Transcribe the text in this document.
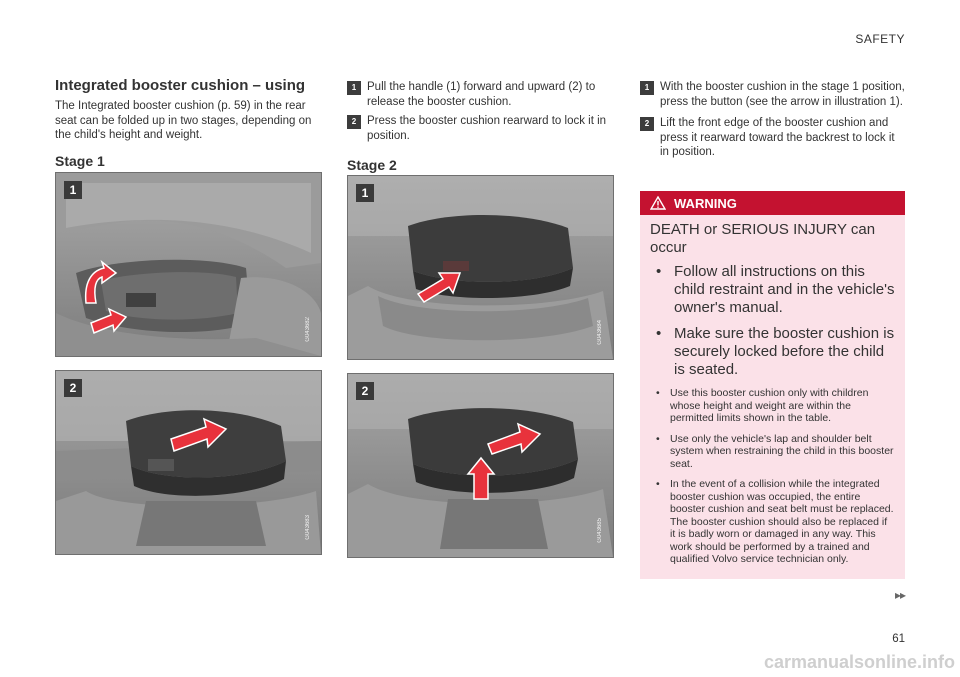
SAFETY
Integrated booster cushion – using
The Integrated booster cushion (p. 59) in the rear seat can be folded up in two stages, depending on the child's height and weight.
Stage 1
1
G043682
2
G043683
1 Pull the handle (1) forward and upward (2) to release the booster cushion.
2 Press the booster cushion rearward to lock it in position.
Stage 2
1
G043684
2
G043685
1 With the booster cushion in the stage 1 position, press the button (see the arrow in illustration 1).
2 Lift the front edge of the booster cushion and press it rearward toward the backrest to lock it in position.
WARNING
DEATH or SERIOUS INJURY can occur
• Follow all instructions on this child restraint and in the vehicle's owner's manual.
• Make sure the booster cushion is securely locked before the child is seated.
• Use this booster cushion only with children whose height and weight are within the permitted limits shown in the table.
• Use only the vehicle's lap and shoulder belt system when restraining the child in this booster seat.
• In the event of a collision while the integrated booster cushion was occupied, the entire booster cushion and seat belt must be replaced. The booster cushion should also be replaced if it is badly worn or damaged in any way. This work should be performed by a trained and qualified Volvo service technician only.
▸▸
61
carmanualsonline.info
